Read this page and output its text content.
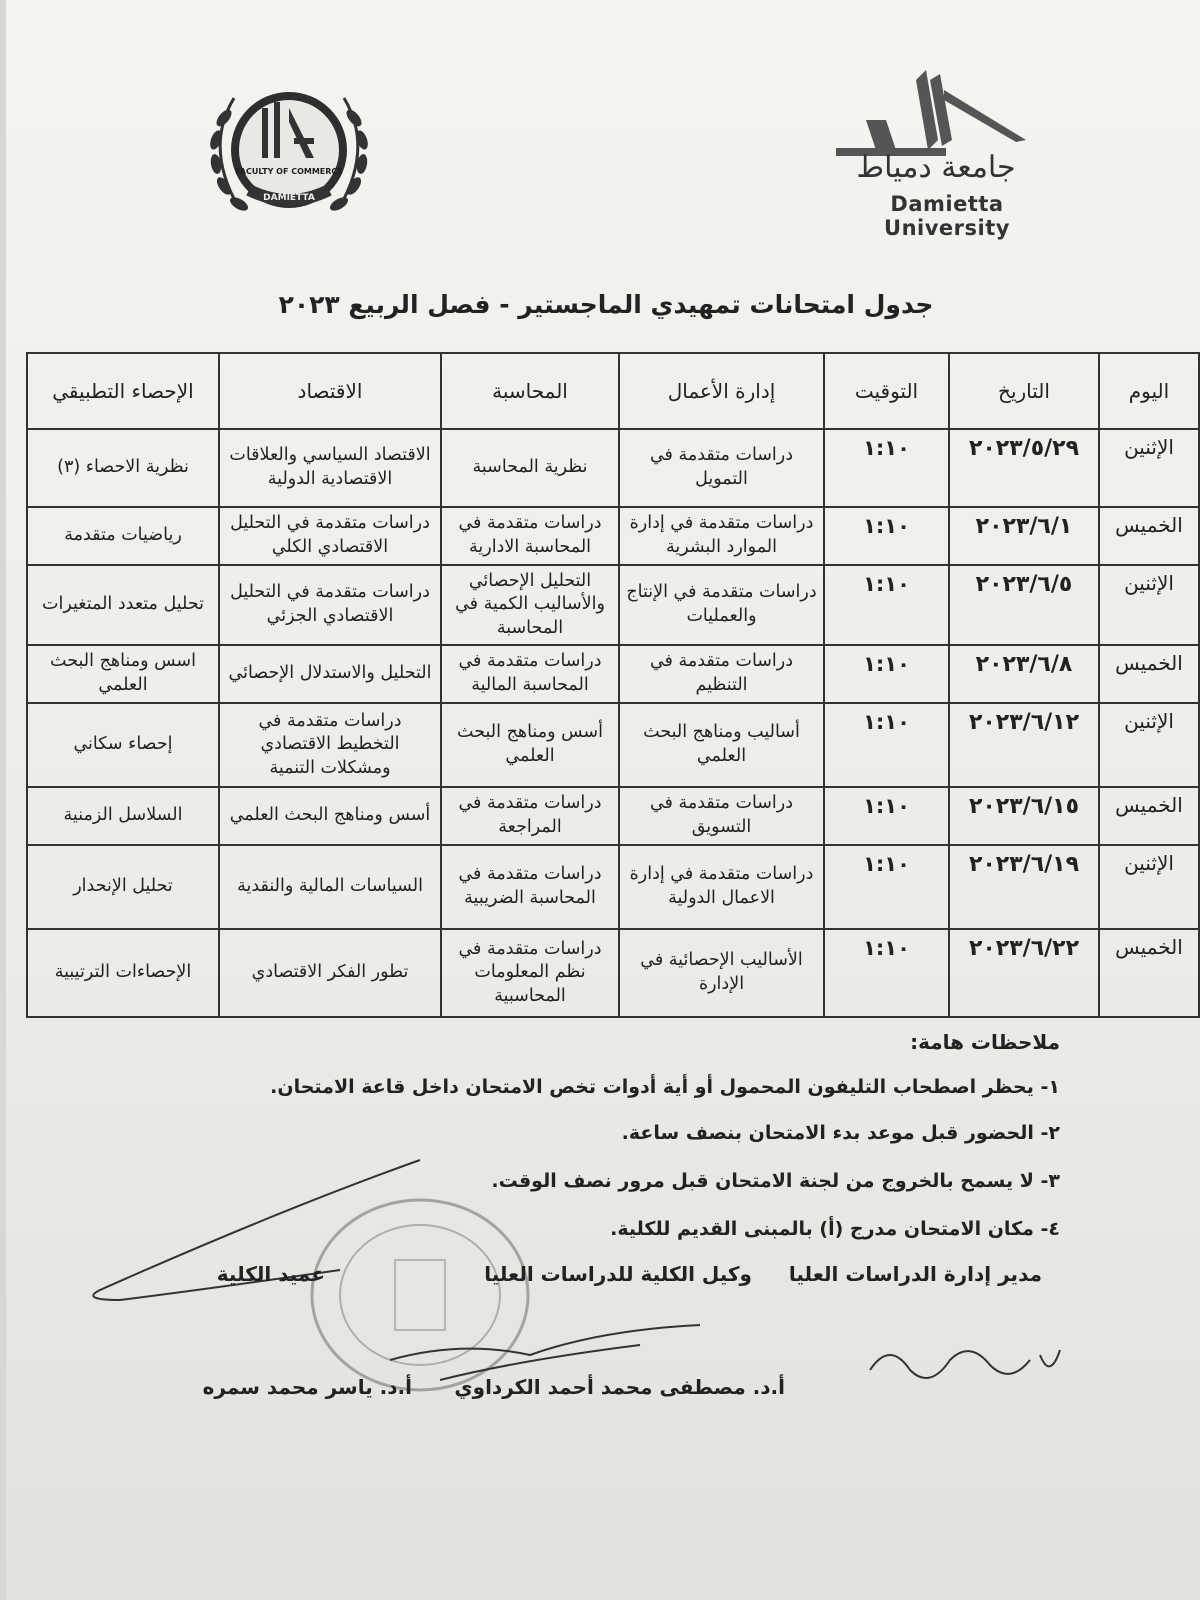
FACULTY OF COMMERCE
DAMIETTA
جامعة دمياط
Damietta University
جدول امتحانات تمهيدي الماجستير - فصل الربيع ٢٠٢٣
اليوم	التاريخ	التوقيت	إدارة الأعمال	المحاسبة	الاقتصاد	الإحصاء التطبيقي
الإثنين	٢٠٢٣/٥/٢٩	١:١٠	دراسات متقدمة في التمويل	نظرية المحاسبة	الاقتصاد السياسي والعلاقات الاقتصادية الدولية	نظرية الاحصاء (٣)
الخميس	٢٠٢٣/٦/١	١:١٠	دراسات متقدمة في إدارة الموارد البشرية	دراسات متقدمة في المحاسبة الادارية	دراسات متقدمة في التحليل الاقتصادي الكلي	رياضيات متقدمة
الإثنين	٢٠٢٣/٦/٥	١:١٠	دراسات متقدمة في الإنتاج والعمليات	التحليل الإحصائي والأساليب الكمية في المحاسبة	دراسات متقدمة في التحليل الاقتصادي الجزئي	تحليل متعدد المتغيرات
الخميس	٢٠٢٣/٦/٨	١:١٠	دراسات متقدمة في التنظيم	دراسات متقدمة في المحاسبة المالية	التحليل والاستدلال الإحصائي	اسس ومناهج البحث العلمي
الإثنين	٢٠٢٣/٦/١٢	١:١٠	أساليب ومناهج البحث العلمي	أسس ومناهج البحث العلمي	دراسات متقدمة في التخطيط الاقتصادي ومشكلات التنمية	إحصاء سكاني
الخميس	٢٠٢٣/٦/١٥	١:١٠	دراسات متقدمة في التسويق	دراسات متقدمة في المراجعة	أسس ومناهج البحث العلمي	السلاسل الزمنية
الإثنين	٢٠٢٣/٦/١٩	١:١٠	دراسات متقدمة في إدارة الاعمال الدولية	دراسات متقدمة في المحاسبة الضريبية	السياسات المالية والنقدية	تحليل الإنحدار
الخميس	٢٠٢٣/٦/٢٢	١:١٠	الأساليب الإحصائية في الإدارة	دراسات متقدمة في نظم المعلومات المحاسبية	تطور الفكر الاقتصادي	الإحصاءات الترتيبية
ملاحظات هامة:
١- يحظر اصطحاب التليفون المحمول أو أية أدوات تخص الامتحان داخل قاعة الامتحان.
٢- الحضور قبل موعد بدء الامتحان بنصف ساعة.
٣- لا يسمح بالخروج من لجنة الامتحان قبل مرور نصف الوقت.
٤- مكان الامتحان مدرج (أ) بالمبنى القديم للكلية.
مدير إدارة الدراسات العليا
وكيل الكلية للدراسات العليا
عميد الكلية
أ.د. مصطفى محمد أحمد الكرداوي
أ.د. ياسر محمد سمره
